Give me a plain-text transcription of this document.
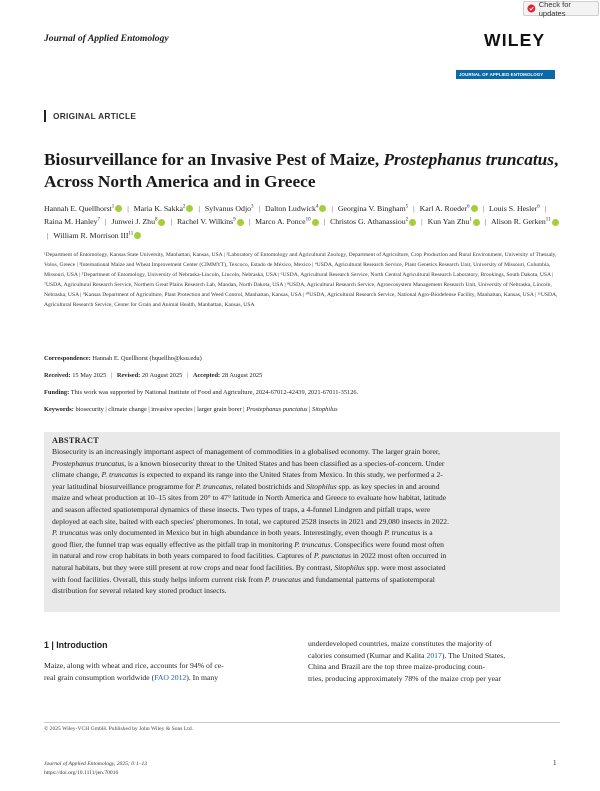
Check for updates
Journal of Applied Entomology	WILEY
JOURNAL OF APPLIED ENTOMOLOGY
ORIGINAL ARTICLE
Biosurveillance for an Invasive Pest of Maize, Prostephanus truncatus, Across North America and in Greece
Hannah E. Quellhorst$^1$ | Maria K. Sakka$^2$ | Sylvanus Odjo$^3$ | Dalton Ludwick$^4$ | Georgina V. Bingham$^5$ | Karl A. Roeder$^6$ | Louis S. Hesler$^6$ | Raina M. Hanley$^7$ | Junwei J. Zhu$^8$ | Rachel V. Wilkins$^9$ | Marco A. Ponce$^{10}$ | Christos G. Athanassiou$^2$ | Kun Yan Zhu$^1$ | Alison R. Gerken$^{11}$ | William R. Morrison III$^{11}$
¹Department of Entomology, Kansas State University, Manhattan, Kansas, USA | ²Laboratory of Entomology and Agricultural Zoology, Department of Agriculture, Crop Production and Rural Environment, University of Thessaly, Volos, Greece | ³International Maize and Wheat Improvement Center (CIMMYT), Texcoco, Estado de México, Mexico | ⁴USDA, Agricultural Research Service, Plant Genetics Research Unit, University of Missouri, Columbia, Missouri, USA | ⁵Department of Entomology, University of Nebraska-Lincoln, Lincoln, Nebraska, USA | ⁶USDA, Agricultural Research Service, North Central Agricultural Research Laboratory, Brookings, South Dakota, USA | ⁷USDA, Agricultural Research Service, Northern Great Plains Research Lab, Mandan, North Dakota, USA | ⁸USDA, Agricultural Research Service, Agroecosystem Management Research Unit, University of Nebraska, Lincoln, Nebraska, USA | ⁹Kansas Department of Agriculture, Plant Protection and Weed Control, Manhattan, Kansas, USA | ¹⁰USDA, Agricultural Research Service, National Agro-Biodefense Facility, Manhattan, Kansas, USA | ¹¹USDA, Agricultural Research Service, Center for Grain and Animal Health, Manhattan, Kansas, USA
Correspondence: Hannah E. Quellhorst (hquellho@ksu.edu)
Received: 15 May 2025 | Revised: 20 August 2025 | Accepted: 28 August 2025
Funding: This work was supported by National Institute of Food and Agriculture, 2024-67012-42439, 2021-67011-35126.
Keywords: biosecurity | climate change | invasive species | larger grain borer | Prostephanus punctatus | Sitophilus
ABSTRACT
Biosecurity is an increasingly important aspect of management of commodities in a globalised economy. The larger grain borer,
Prostephanus truncatus, is a known biosecurity threat to the United States and has been classified as a species-of-concern. Under
climate change, P. truncatus is expected to expand its range into the United States from Mexico. In this study, we performed a 2-
year latitudinal biosurveillance programme for P. truncatus, related bostrichids and Sitophilus spp. as key species in and around
maize and wheat production at 10–15 sites from 20° to 47° latitude in North America and Greece to evaluate how habitat, latitude
and season affected spatiotemporal dynamics of these insects. Two types of traps, a 4-funnel Lindgren and pitfall traps, were
deployed at each site, baited with each species' pheromones. In total, we captured 2528 insects in 2021 and 29,080 insects in 2022.
P. truncatus was only documented in Mexico but in high abundance in both years. Interestingly, even though P. truncatus is a
good flier, the funnel trap was equally effective as the pitfall trap in monitoring P. truncatus. Conspecifics were found most often
in natural and row crop habitats in both years compared to food facilities. Captures of P. punctatus in 2022 most often occurred in
natural habitats, but they were still present at row crops and near food facilities. By contrast, Sitophilus spp. were most associated
with food facilities. Overall, this study helps inform current risk from P. truncatus and fundamental patterns of spatiotemporal
distribution for several related key stored product insects.
1 | Introduction
Maize, along with wheat and rice, accounts for 94% of ce-
real grain consumption worldwide (FAO 2012). In many
underdeveloped countries, maize constitutes the majority of
calories consumed (Kumar and Kalita 2017). The United States,
China and Brazil are the top three maize-producing coun-
tries, producing approximately 78% of the maize crop per year
© 2025 Wiley-VCH GmbH. Published by John Wiley & Sons Ltd.
Journal of Applied Entomology, 2025; 0:1–13
https://doi.org/10.1111/jen.70016
1
